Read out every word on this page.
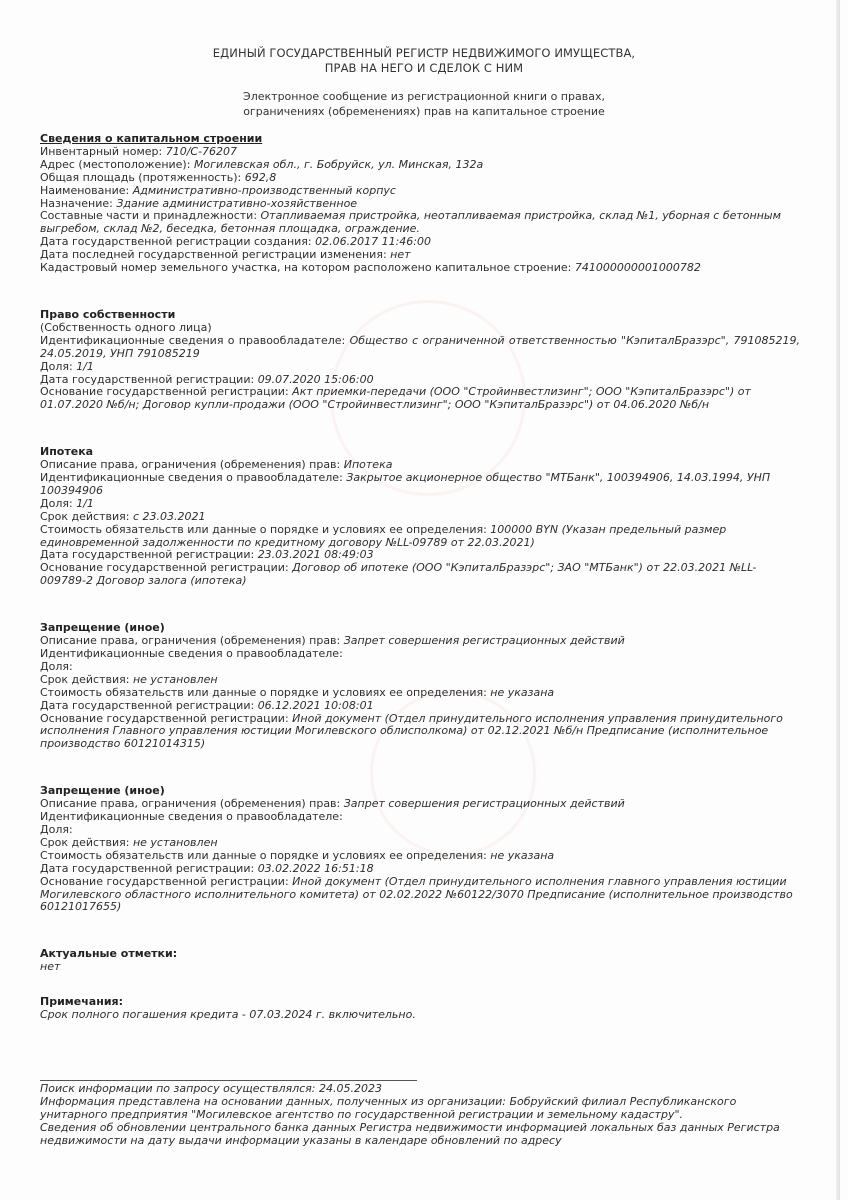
ЕДИНЫЙ ГОСУДАРСТВЕННЫЙ РЕГИСТР НЕДВИЖИМОГО ИМУЩЕСТВА,
ПРАВ НА НЕГО И СДЕЛОК С НИМ
Электронное сообщение из регистрационной книги о правах,
ограничениях (обременениях) прав на капитальное строение
Сведения о капитальном строении
Инвентарный номер: 710/C-76207
Адрес (местоположение): Могилевская обл., г. Бобруйск, ул. Минская, 132а
Общая площадь (протяженность): 692,8
Наименование: Административно-производственный корпус
Назначение: Здание административно-хозяйственное
Составные части и принадлежности: Отапливаемая пристройка, неотапливаемая пристройка, склад №1, уборная с бетонным выгребом, склад №2, беседка, бетонная площадка, ограждение.
Дата государственной регистрации создания: 02.06.2017 11:46:00
Дата последней государственной регистрации изменения: нет
Кадастровый номер земельного участка, на котором расположено капитальное строение: 741000000001000782
Право собственности
(Собственность одного лица)
Идентификационные сведения о правообладателе: Общество с ограниченной ответственностью "КэпиталБразэрс", 791085219, 24.05.2019, УНП 791085219
Доля: 1/1
Дата государственной регистрации: 09.07.2020 15:06:00
Основание государственной регистрации: Акт приемки-передачи (ООО "Стройинвестлизинг"; ООО "КэпиталБразэрс") от 01.07.2020 №б/н; Договор купли-продажи (ООО "Стройинвестлизинг"; ООО "КэпиталБразэрс") от 04.06.2020 №б/н
Ипотека
Описание права, ограничения (обременения) прав: Ипотека
Идентификационные сведения о правообладателе: Закрытое акционерное общество "МТБанк", 100394906, 14.03.1994, УНП 100394906
Доля: 1/1
Срок действия: с 23.03.2021
Стоимость обязательств или данные о порядке и условиях ее определения: 100000 BYN (Указан предельный размер единовременной задолженности по кредитному договору №LL-09789 от 22.03.2021)
Дата государственной регистрации: 23.03.2021 08:49:03
Основание государственной регистрации: Договор об ипотеке (ООО "КэпиталБразэрс"; ЗАО "МТБанк") от 22.03.2021 №LL-009789-2 Договор залога (ипотека)
Запрещение (иное)
Описание права, ограничения (обременения) прав: Запрет совершения регистрационных действий
Идентификационные сведения о правообладателе:
Доля:
Срок действия: не установлен
Стоимость обязательств или данные о порядке и условиях ее определения: не указана
Дата государственной регистрации: 06.12.2021 10:08:01
Основание государственной регистрации: Иной документ (Отдел принудительного исполнения управления принудительного исполнения Главного управления юстиции Могилевского облисполкома) от 02.12.2021 №б/н Предписание (исполнительное производство 60121014315)
Запрещение (иное)
Описание права, ограничения (обременения) прав: Запрет совершения регистрационных действий
Идентификационные сведения о правообладателе:
Доля:
Срок действия: не установлен
Стоимость обязательств или данные о порядке и условиях ее определения: не указана
Дата государственной регистрации: 03.02.2022 16:51:18
Основание государственной регистрации: Иной документ (Отдел принудительного исполнения главного управления юстиции Могилевского областного исполнительного комитета) от 02.02.2022 №60122/3070 Предписание (исполнительное производство 60121017655)
Актуальные отметки:
нет
Примечания:
Срок полного погашения кредита - 07.03.2024 г. включительно.
Поиск информации по запросу осуществлялся: 24.05.2023
Информация представлена на основании данных, полученных из организации: Бобруйский филиал Республиканского унитарного предприятия "Могилевское агентство по государственной регистрации и земельному кадастру".
Сведения об обновлении центрального банка данных Регистра недвижимости информацией локальных баз данных Регистра недвижимости на дату выдачи информации указаны в календаре обновлений по адресу
